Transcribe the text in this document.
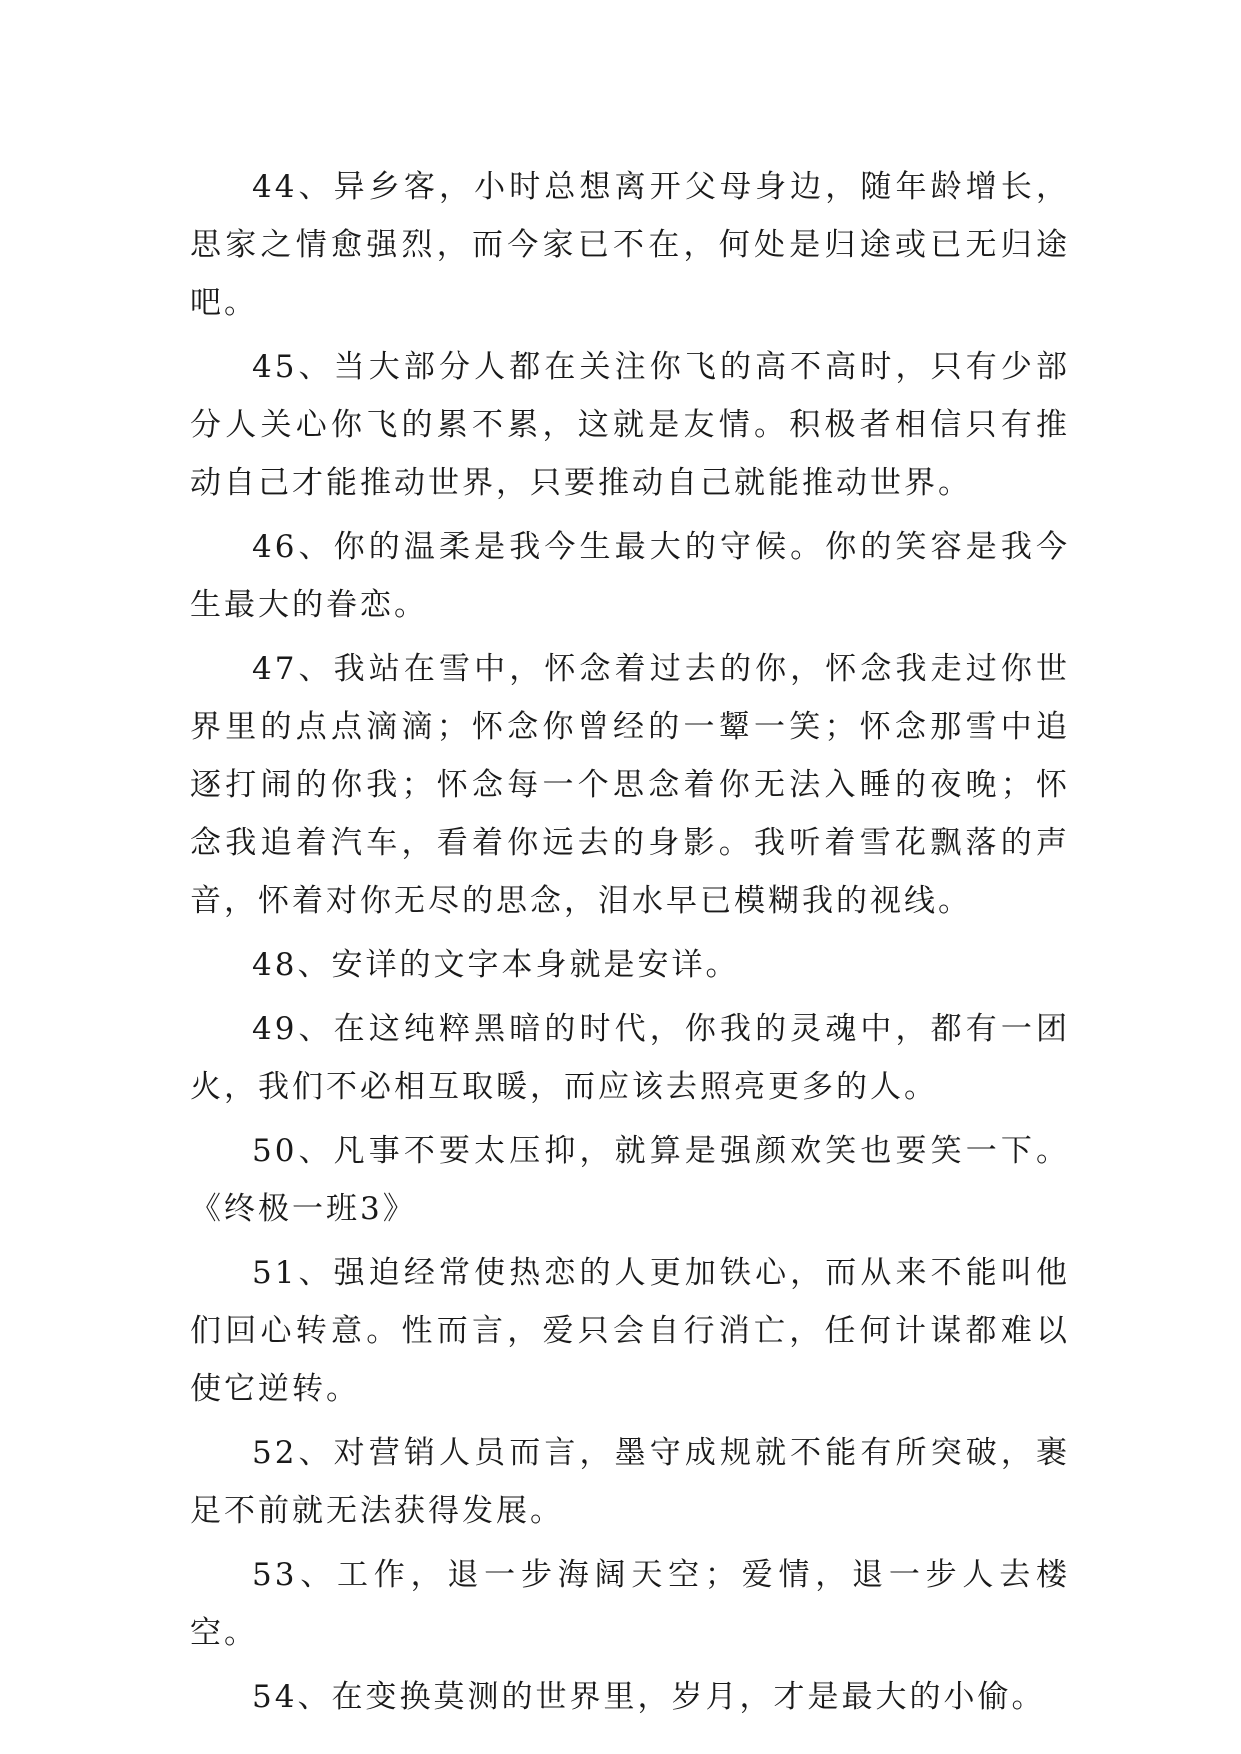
44、异乡客，小时总想离开父母身边，随年龄增长，思家之情愈强烈，而今家已不在，何处是归途或已无归途吧。

45、当大部分人都在关注你飞的高不高时，只有少部分人关心你飞的累不累，这就是友情。积极者相信只有推动自己才能推动世界，只要推动自己就能推动世界。

46、你的温柔是我今生最大的守候。你的笑容是我今生最大的眷恋。

47、我站在雪中，怀念着过去的你，怀念我走过你世界里的点点滴滴；怀念你曾经的一颦一笑；怀念那雪中追逐打闹的你我；怀念每一个思念着你无法入睡的夜晚；怀念我追着汽车，看着你远去的身影。我听着雪花飘落的声音，怀着对你无尽的思念，泪水早已模糊我的视线。

48、安详的文字本身就是安详。

49、在这纯粹黑暗的时代，你我的灵魂中，都有一团火，我们不必相互取暖，而应该去照亮更多的人。

50、凡事不要太压抑，就算是强颜欢笑也要笑一下。《终极一班3》

51、强迫经常使热恋的人更加铁心，而从来不能叫他们回心转意。性而言，爱只会自行消亡，任何计谋都难以使它逆转。

52、对营销人员而言，墨守成规就不能有所突破，裹足不前就无法获得发展。

53、工作，退一步海阔天空；爱情，退一步人去楼空。

54、在变换莫测的世界里，岁月，才是最大的小偷。
